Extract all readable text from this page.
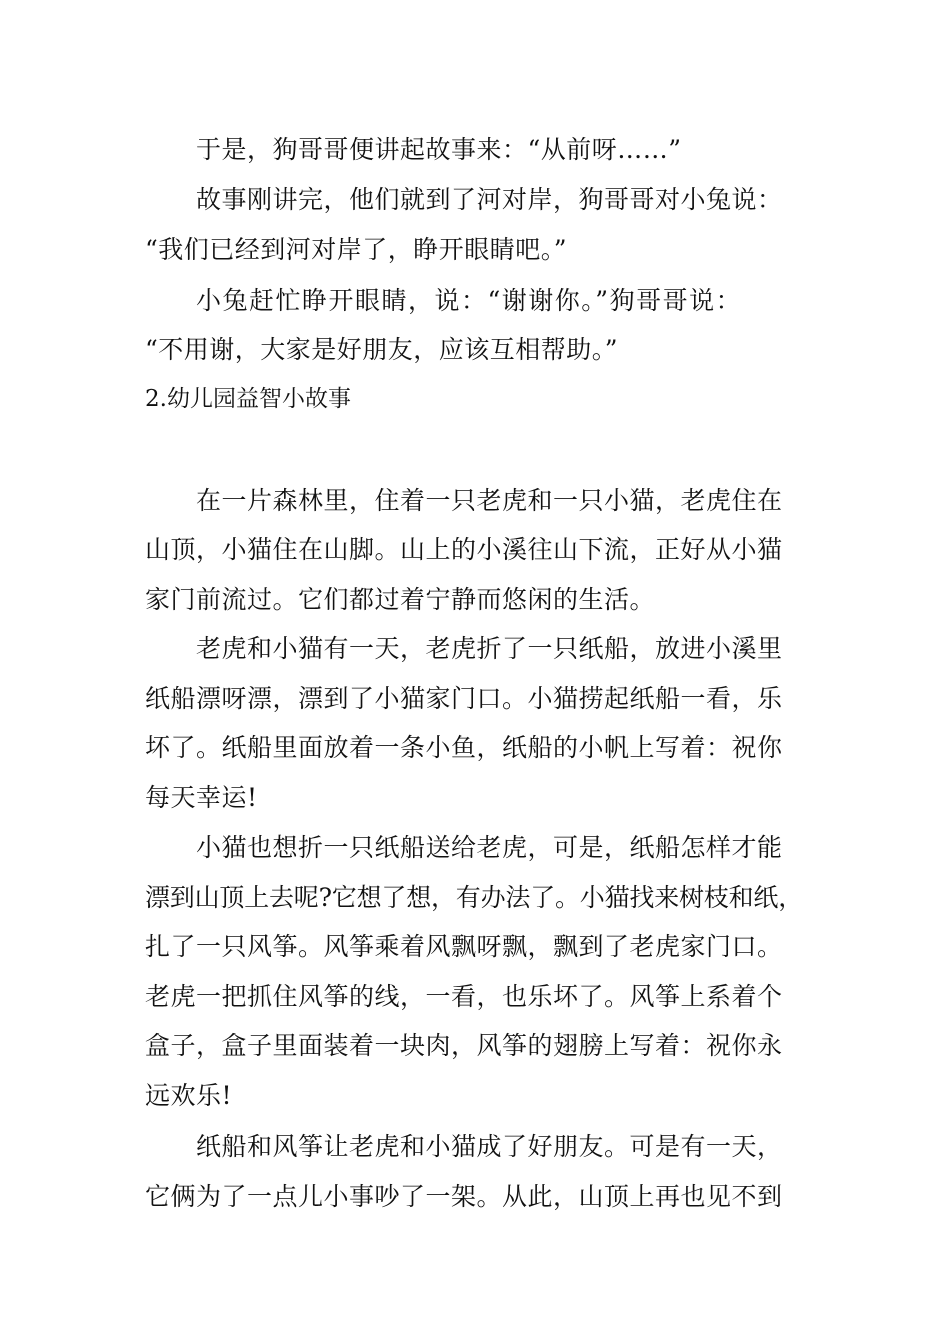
于是，狗哥哥便讲起故事来：“从前呀……”
故事刚讲完，他们就到了河对岸，狗哥哥对小兔说：
“我们已经到河对岸了，睁开眼睛吧。”
小兔赶忙睁开眼睛，说：“谢谢你。”狗哥哥说：
“不用谢，大家是好朋友，应该互相帮助。”
2.幼儿园益智小故事
在一片森林里，住着一只老虎和一只小猫，老虎住在
山顶，小猫住在山脚。山上的小溪往山下流，正好从小猫
家门前流过。它们都过着宁静而悠闲的生活。
老虎和小猫有一天，老虎折了一只纸船，放进小溪里
纸船漂呀漂，漂到了小猫家门口。小猫捞起纸船一看，乐
坏了。纸船里面放着一条小鱼，纸船的小帆上写着：祝你
每天幸运!
小猫也想折一只纸船送给老虎，可是，纸船怎样才能
漂到山顶上去呢?它想了想，有办法了。小猫找来树枝和纸，
扎了一只风筝。风筝乘着风飘呀飘，飘到了老虎家门口。
老虎一把抓住风筝的线，一看，也乐坏了。风筝上系着个
盒子，盒子里面装着一块肉，风筝的翅膀上写着：祝你永
远欢乐!
纸船和风筝让老虎和小猫成了好朋友。可是有一天，
它俩为了一点儿小事吵了一架。从此，山顶上再也见不到
